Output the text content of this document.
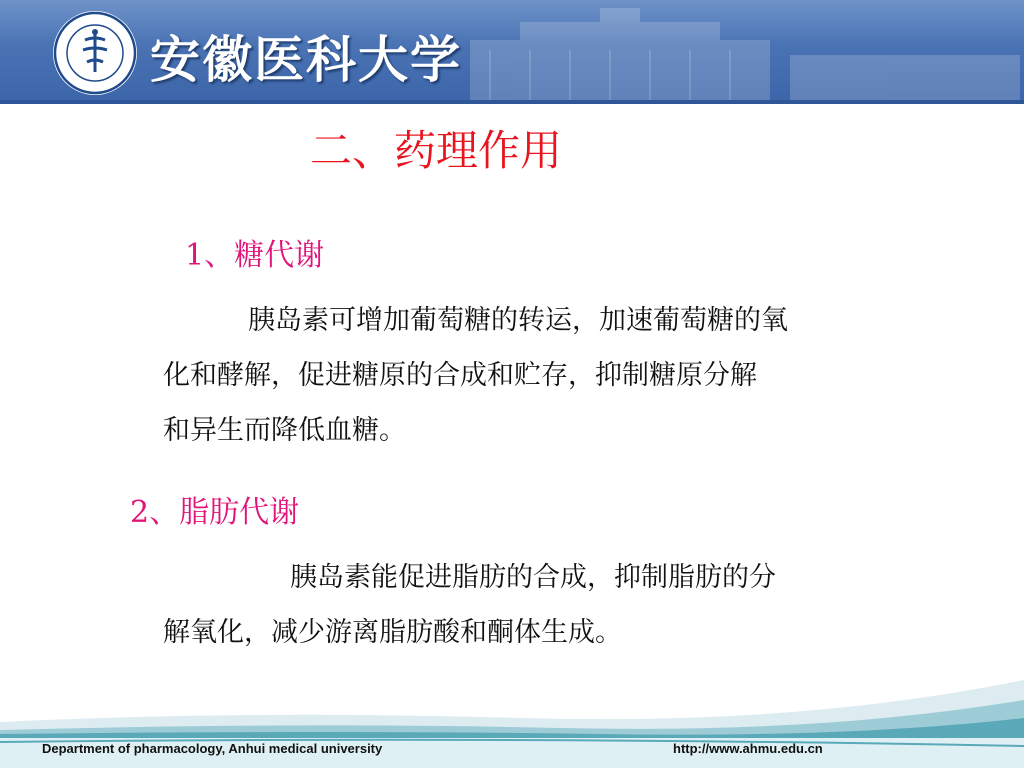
安徽医科大学
二、药理作用
1、糖代谢
胰岛素可增加葡萄糖的转运，加速葡萄糖的氧
化和酵解，促进糖原的合成和贮存，抑制糖原分解
和异生而降低血糖。
2、脂肪代谢
胰岛素能促进脂肪的合成，抑制脂肪的分
解氧化，减少游离脂肪酸和酮体生成。
Department of pharmacology, Anhui medical university	http://www.ahmu.edu.cn
